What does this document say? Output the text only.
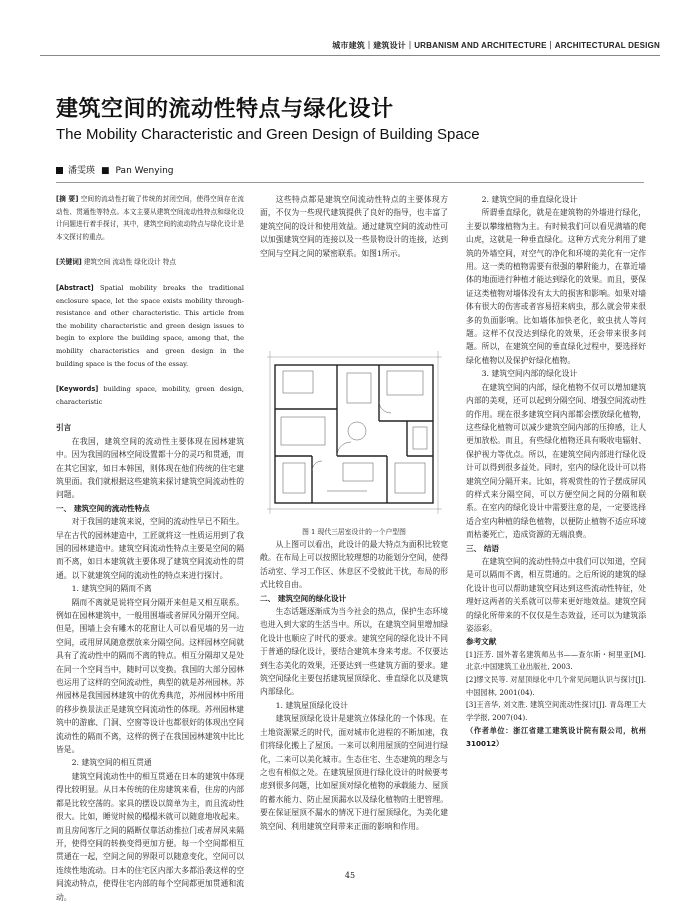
城市建筑｜建筑设计｜URBANISM AND ARCHITECTURE｜ARCHITECTURAL DESIGN
建筑空间的流动性特点与绿化设计
The Mobility Characteristic and Green Design of Building Space
潘雯瑛 ■ Pan Wenying

[摘 要] 空间的流动性打破了传统的封闭空间，使得空间存在流动性、贯通性等特点。本文主要从建筑空间流动性特点和绿化设计问题进行着手探讨，其中，建筑空间的流动特点与绿化设计是本文探讨的重点。

[关键词] 建筑空间 流动性 绿化设计 特点

[Abstract] Spatial mobility breaks the traditional enclosure space, let the space exists mobility through-resistance and other characteristic. This article from the mobility characteristic and green design issues to begin to explore the building space, among that, the mobility characteristics and green design in the building space is the focus of the essay.

[Keywords] building space, mobility, green design, characteristic

引言

在我国，建筑空间的流动性主要体现在园林建筑中。因为我国的园林空间设置都十分的灵巧和贯通，而在其它国家，如日本韩国，则体现在他们传统的住宅建筑里面。我们就根据这些建筑来探讨建筑空间流动性的问题。

一、 建筑空间的流动性特点

对于我国的建筑来说，空间的流动性早已不陌生。早在古代的园林建造中，工匠就将这一性质运用到了我国的园林建造中。建筑空间流动性特点主要是空间的隔而不离，如日本建筑就主要体现了建筑空间流动性的贯通。以下就建筑空间的流动性的特点来进行探讨。

1. 建筑空间的隔而不离

隔而不离就是说将空间分隔开来但是又相互联系。例如在园林建筑中，一般用围墙或者屏风分隔开空间。但是，围墙上会有雕木的花窗让人可以看见墙的另一边空间，或用屏风随意摆放来分隔空间。这样园林空间就具有了流动性中的隔而不离的特点。相互分隔却又是处在同一个空间当中，随时可以变换。我国的大部分园林也运用了这样的空间流动性，典型的就是苏州园林。苏州园林是我国园林建筑中的优秀典范，苏州园林中所用的移步换景法正是建筑空间流动性的体现。苏州园林建筑中的游廊、门洞、空窗等设计也都很好的体现出空间流动性的隔而不离，这样的例子在我国园林建筑中比比皆是。

2. 建筑空间的相互贯通

建筑空间流动性中的相互贯通在日本的建筑中体现得比较明显。从日本传统的住房建筑来看，住房的内部都是比较空荡的。家具的摆设以简单为主，而且流动性很大。比如，睡觉时候的榻榻米就可以随意地收起来。而且房间客厅之间的隔断仅靠活动推拉门或者屏风来隔开，使得空间的转换变得更加方便。每一个空间都相互贯通在一起，空间之间的界限可以随意变化，空间可以连续性地流动。日本的住宅区内部大多都沿袭这样的空间流动特点，使得住宅内部的每个空间都更加贯通和流动。

这些特点都是建筑空间流动性特点的主要体现方面，不仅为一些现代建筑提供了良好的指导，也丰富了建筑空间的设计和使用效益。通过建筑空间的流动性可以加强建筑空间的连接以及一些景物设计的连接，达到空间与空间之间的紧密联系。如图1所示。

图 1 现代三居室设计的一个户型图

从上图可以看出，此设计的最大特点为面积比较宽敞。在布局上可以按照比较理想的功能划分空间，使得活动室、学习工作区、休息区不受彼此干扰，布局的形式比较自由。

二、 建筑空间的绿化设计

生态话题逐渐成为当今社会的热点，保护生态环境也进入到大家的生活当中。所以，在建筑空间里增加绿化设计也顺应了时代的要求。建筑空间的绿化设计不同于普通的绿化设计，要结合建筑本身来考虑。不仅要达到生态美化的效果，还要达到一些建筑方面的要求。建筑空间绿化主要包括建筑屋顶绿化、垂直绿化以及建筑内部绿化。

1. 建筑屋顶绿化设计

建筑屋顶绿化设计是建筑立体绿化的一个体现。在土地资源紧乏的时代，面对城市化进程的不断加速，我们将绿化搬上了屋顶。一来可以利用屋顶的空间进行绿化，二来可以美化城市。生态住宅、生态建筑的理念与之也有相似之处。在建筑屋顶进行绿化设计的时候要考虑到很多问题，比如屋顶对绿化植物的承载能力、屋顶的蓄水能力、防止屋顶漏水以及绿化植物的土肥管理。要在保证屋顶不漏水的情况下进行屋顶绿化，为美化建筑空间、利用建筑空间带来正面的影响和作用。

2. 建筑空间的垂直绿化设计

所谓垂直绿化，就是在建筑物的外墙进行绿化，主要以攀缘植物为主。有时候我们可以看见满墙的爬山虎，这就是一种垂直绿化。这种方式充分利用了建筑的外墙空间，对空气的净化和环境的美化有一定作用。这一类的植物需要有很强的攀附能力，在靠近墙体的地面进行种植才能达到绿化的效果。而且，要保证这类植物对墙体没有太大的损害和影响。如果对墙体有很大的伤害或者容易招来病虫，那么就会带来很多的负面影响。比如墙体加快老化，蚊虫扰人等问题。这样不仅没达到绿化的效果，还会带来很多问题。所以，在建筑空间的垂直绿化过程中，要选择好绿化植物以及保护好绿化植物。

3. 建筑空间内部的绿化设计

在建筑空间的内部，绿化植物不仅可以增加建筑内部的美观，还可以起到分隔空间、增强空间流动性的作用。现在很多建筑空间内部都会摆放绿化植物，这些绿化植物可以减少建筑空间内部的压抑感，让人更加放松。而且，有些绿化植物还具有吸收电辐射、保护视力等优点。所以，在建筑空间内部进行绿化设计可以得到很多益处。同时，室内的绿化设计可以将建筑空间分隔开来。比如，将观赏性的竹子摆成屏风的样式来分隔空间，可以方便空间之间的分隔和联系。在室内的绿化设计中需要注意的是，一定要选择适合室内种植的绿色植物，以便防止植物不适应环境而枯萎死亡，造成资源的无端浪费。

三、 结语

在建筑空间的流动性特点中我们可以知道，空间是可以隔而不离，相互贯通的。之后所说的建筑的绿化设计也可以帮助建筑空间达到这些流动性特征，处理好这两者的关系就可以带来更好地效益。建筑空间的绿化所带来的不仅仅是生态效益，还可以为建筑添姿添彩。

参考文献

[1]汪芳. 国外著名建筑师丛书——查尔斯・柯里亚[M]. 北京:中国建筑工业出版社, 2003.

[2]缪文民等. 对屋顶绿化中几个常见问题认识与探讨[J]. 中国园林, 2001(04).

[3]王音华, 刘文胜. 建筑空间流动性探讨[J]. 青岛理工大学学报, 2007(04).

（作者单位：浙江省建工建筑设计院有限公司，杭州 310012）

45
